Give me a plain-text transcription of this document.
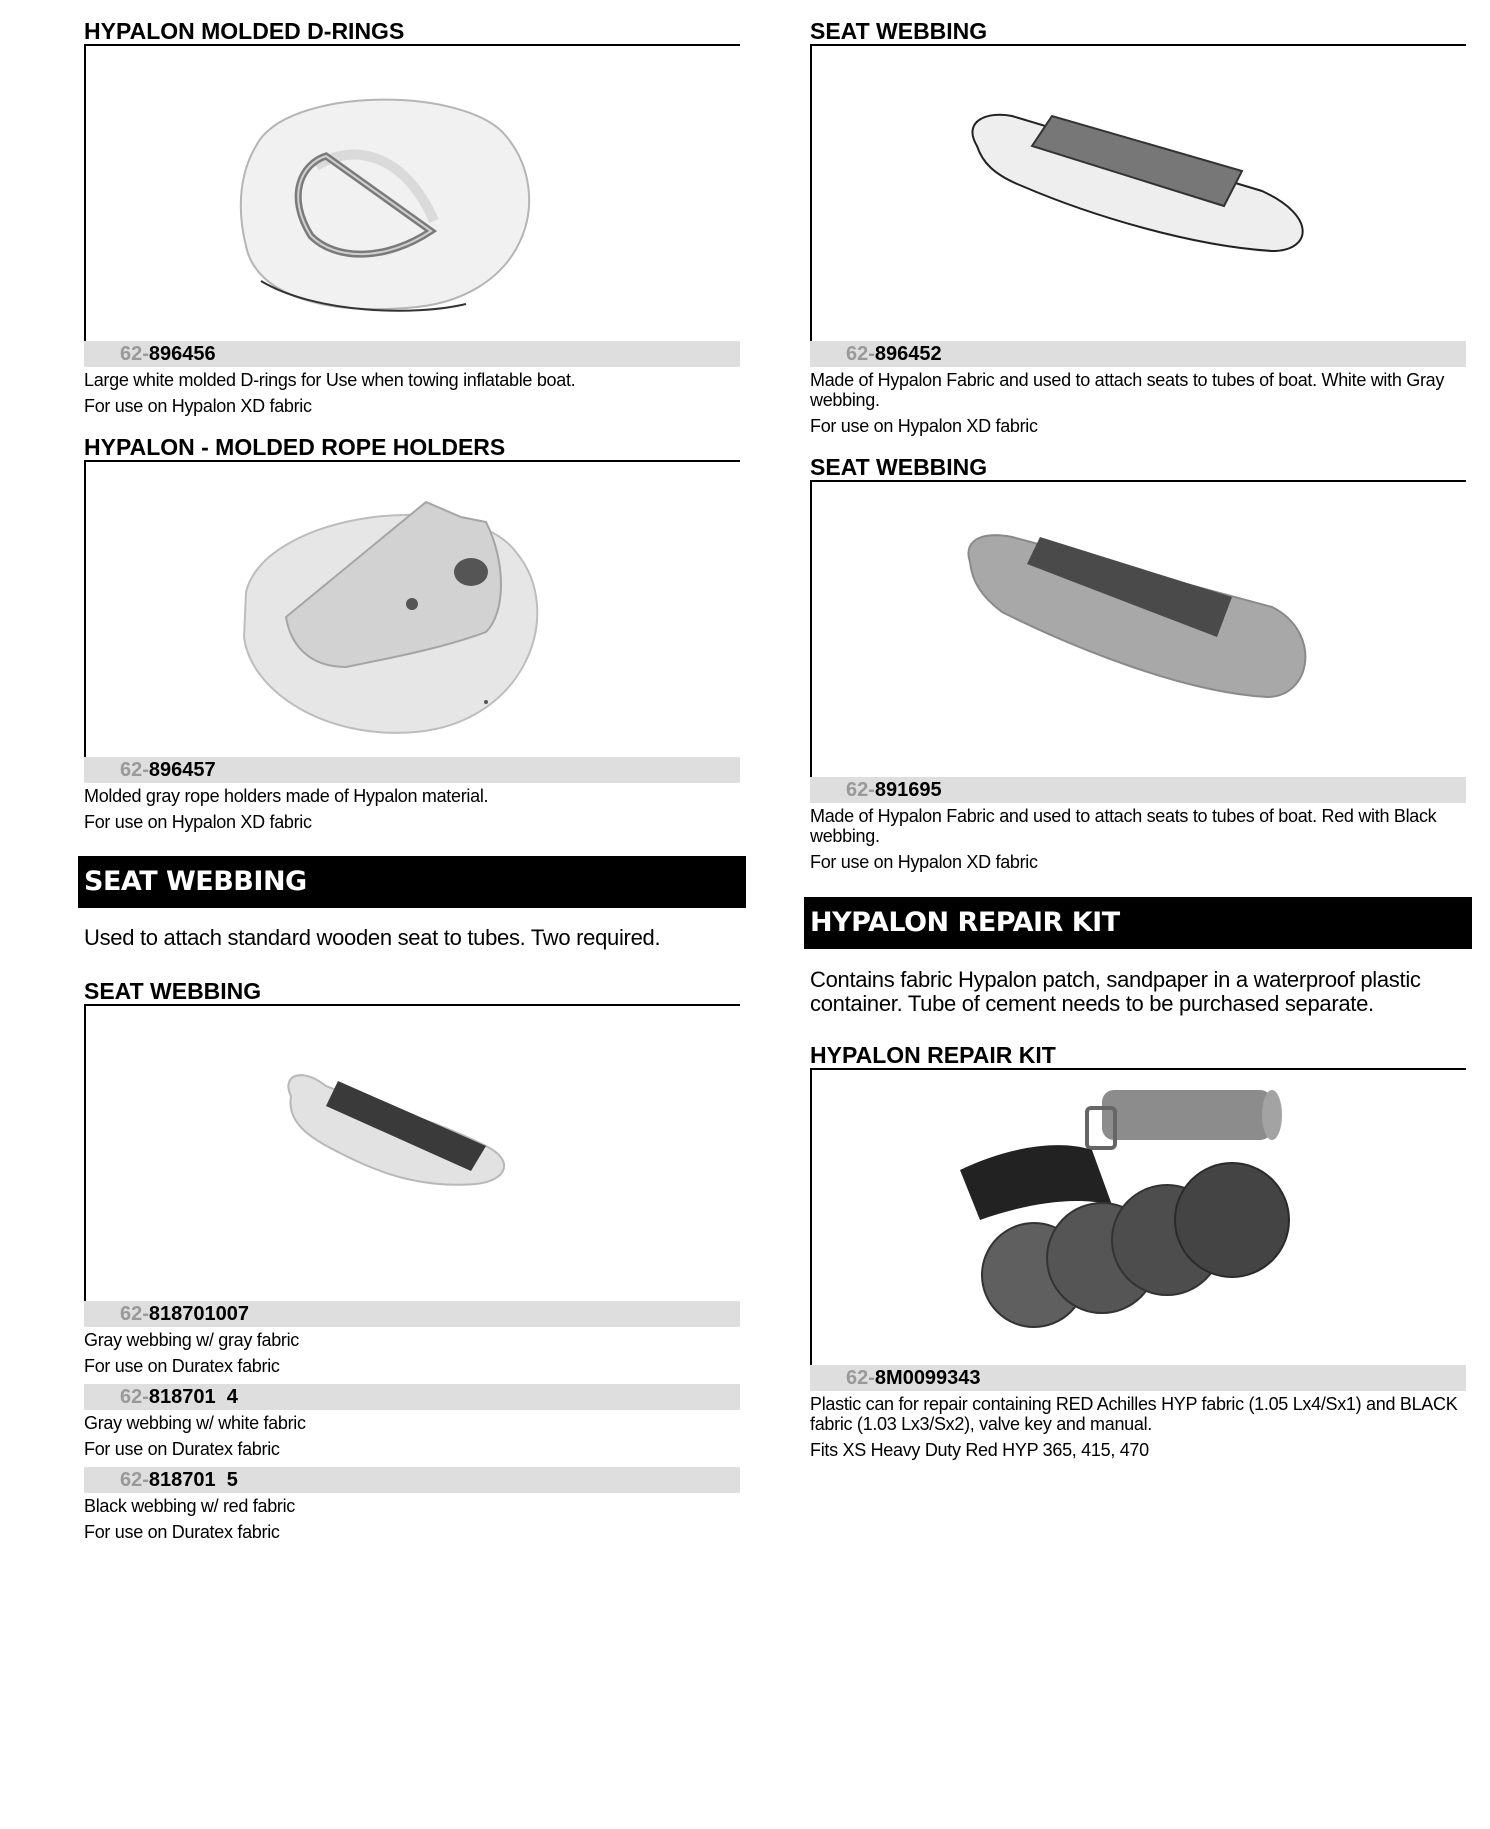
HYPALON MOLDED D-RINGS
62-896456
Large white molded D-rings for Use when towing inflatable boat.
For use on Hypalon XD fabric
HYPALON - MOLDED ROPE HOLDERS
62-896457
Molded gray rope holders made of Hypalon material.
For use on Hypalon XD fabric
SEAT WEBBING
Used to attach standard wooden seat to tubes. Two required.
SEAT WEBBING
62-818701007
Gray webbing w/ gray fabric
For use on Duratex fabric
62-818701  4
Gray webbing w/ white fabric
For use on Duratex fabric
62-818701  5
Black webbing w/ red fabric
For use on Duratex fabric
SEAT WEBBING
62-896452
Made of Hypalon Fabric and used to attach seats to tubes of boat. White with Gray webbing.
For use on Hypalon XD fabric
SEAT WEBBING
62-891695
Made of Hypalon Fabric and used to attach seats to tubes of boat. Red with Black webbing.
For use on Hypalon XD fabric
HYPALON REPAIR KIT
Contains fabric Hypalon patch, sandpaper in a waterproof plastic container. Tube of cement needs to be purchased separate.
HYPALON REPAIR KIT
62-8M0099343
Plastic can for repair containing RED Achilles HYP fabric (1.05 Lx4/Sx1) and BLACK fabric (1.03 Lx3/Sx2), valve key and manual.
Fits XS Heavy Duty Red HYP 365, 415, 470
